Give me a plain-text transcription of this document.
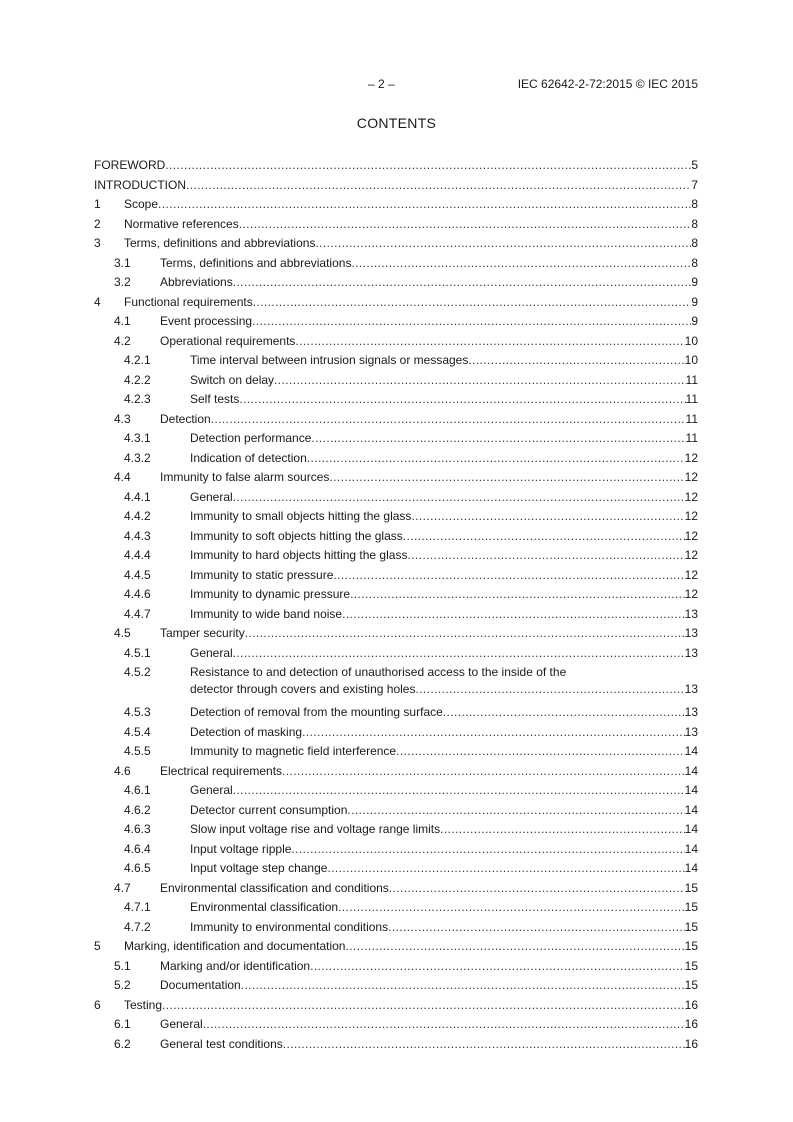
– 2 –	IEC 62642-2-72:2015 © IEC 2015
CONTENTS
FOREWORD .....	5
INTRODUCTION .....	7
1 Scope .....	8
2 Normative references .....	8
3 Terms, definitions and abbreviations .....	8
3.1 Terms, definitions and abbreviations .....	8
3.2 Abbreviations .....	9
4 Functional requirements .....	9
4.1 Event processing .....	9
4.2 Operational requirements .....	10
4.2.1	Time interval between intrusion signals or messages .....	10
4.2.2	Switch on delay .....	11
4.2.3	Self tests .....	11
4.3 Detection .....	11
4.3.1	Detection performance .....	11
4.3.2	Indication of detection .....	12
4.4 Immunity to false alarm sources .....	12
4.4.1	General .....	12
4.4.2	Immunity to small objects hitting the glass .....	12
4.4.3	Immunity to soft objects hitting the glass .....	12
4.4.4	Immunity to hard objects hitting the glass .....	12
4.4.5	Immunity to static pressure .....	12
4.4.6	Immunity to dynamic pressure .....	12
4.4.7	Immunity to wide band noise .....	13
4.5 Tamper security .....	13
4.5.1	General .....	13
4.5.2	Resistance to and detection of unauthorised access to the inside of the
detector through covers and existing holes .....	13
4.5.3	Detection of removal from the mounting surface .....	13
4.5.4	Detection of masking .....	13
4.5.5	Immunity to magnetic field interference .....	14
4.6 Electrical requirements .....	14
4.6.1	General .....	14
4.6.2	Detector current consumption .....	14
4.6.3	Slow input voltage rise and voltage range limits .....	14
4.6.4	Input voltage ripple .....	14
4.6.5	Input voltage step change .....	14
4.7 Environmental classification and conditions .....	15
4.7.1	Environmental classification .....	15
4.7.2	Immunity to environmental conditions .....	15
5 Marking, identification and documentation .....	15
5.1 Marking and/or identification .....	15
5.2 Documentation .....	15
6 Testing .....	16
6.1 General .....	16
6.2 General test conditions .....	16
